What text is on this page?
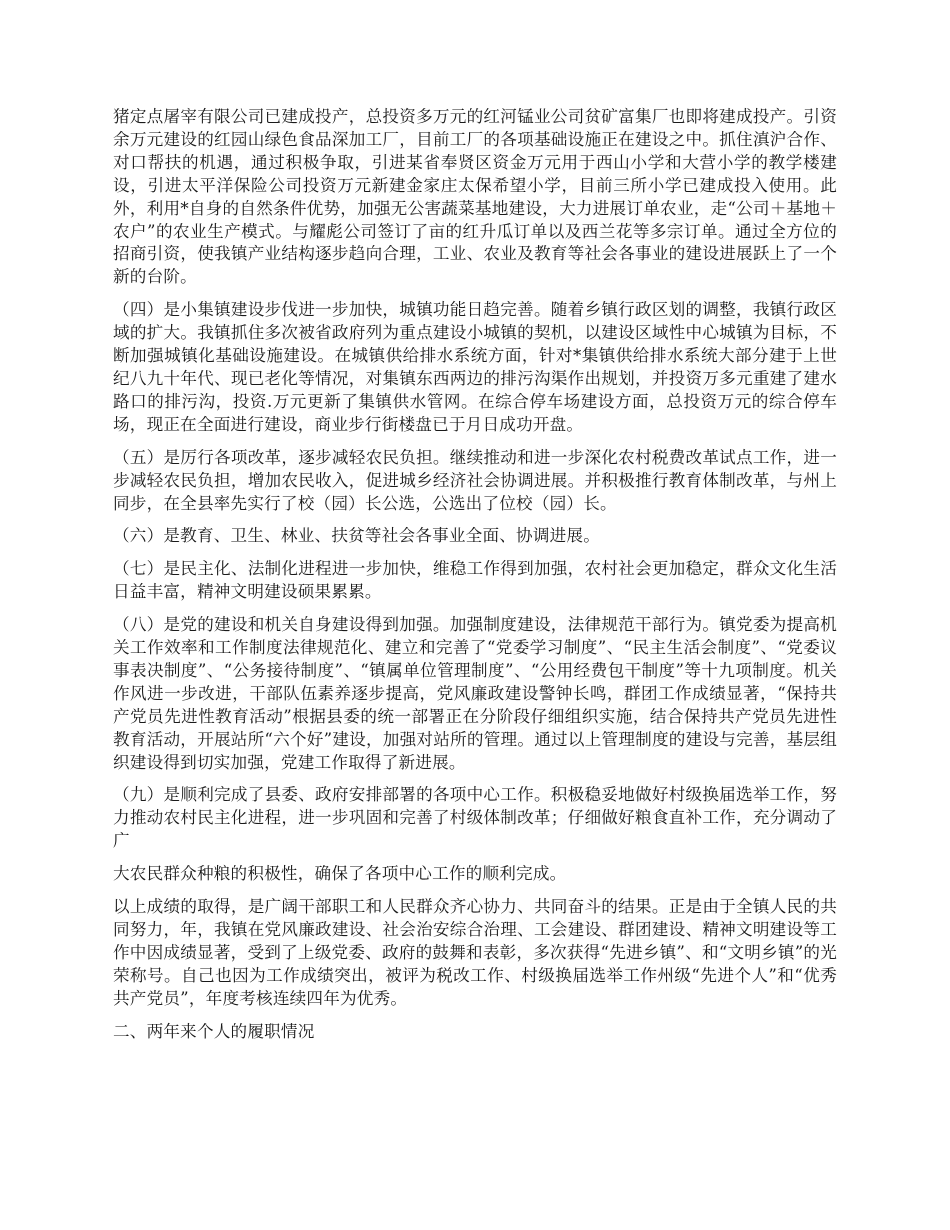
猪定点屠宰有限公司已建成投产，总投资多万元的红河锰业公司贫矿富集厂也即将建成投产。引资余万元建设的红园山绿色食品深加工厂，目前工厂的各项基础设施正在建设之中。抓住滇沪合作、对口帮扶的机遇，通过积极争取，引进某省奉贤区资金万元用于西山小学和大营小学的教学楼建设，引进太平洋保险公司投资万元新建金家庄太保希望小学，目前三所小学已建成投入使用。此外，利用*自身的自然条件优势，加强无公害蔬菜基地建设，大力进展订单农业，走“公司＋基地＋农户”的农业生产模式。与耀彪公司签订了亩的红升瓜订单以及西兰花等多宗订单。通过全方位的招商引资，使我镇产业结构逐步趋向合理，工业、农业及教育等社会各事业的建设进展跃上了一个新的台阶。

（四）是小集镇建设步伐进一步加快，城镇功能日趋完善。随着乡镇行政区划的调整，我镇行政区域的扩大。我镇抓住多次被省政府列为重点建设小城镇的契机，以建设区域性中心城镇为目标，不断加强城镇化基础设施建设。在城镇供给排水系统方面，针对*集镇供给排水系统大部分建于上世纪八九十年代、现已老化等情况，对集镇东西两边的排污沟渠作出规划，并投资万多元重建了建水路口的排污沟，投资.万元更新了集镇供水管网。在综合停车场建设方面，总投资万元的综合停车场，现正在全面进行建设，商业步行街楼盘已于月日成功开盘。

（五）是厉行各项改革，逐步减轻农民负担。继续推动和进一步深化农村税费改革试点工作，进一步减轻农民负担，增加农民收入，促进城乡经济社会协调进展。并积极推行教育体制改革，与州上同步，在全县率先实行了校（园）长公选，公选出了位校（园）长。

（六）是教育、卫生、林业、扶贫等社会各事业全面、协调进展。

（七）是民主化、法制化进程进一步加快，维稳工作得到加强，农村社会更加稳定，群众文化生活日益丰富，精神文明建设硕果累累。

（八）是党的建设和机关自身建设得到加强。加强制度建设，法律规范干部行为。镇党委为提高机关工作效率和工作制度法律规范化、建立和完善了“党委学习制度”、“民主生活会制度”、“党委议事表决制度”、“公务接待制度”、“镇属单位管理制度”、“公用经费包干制度”等十九项制度。机关作风进一步改进，干部队伍素养逐步提高，党风廉政建设警钟长鸣，群团工作成绩显著，“保持共产党员先进性教育活动”根据县委的统一部署正在分阶段仔细组织实施，结合保持共产党员先进性教育活动，开展站所“六个好”建设，加强对站所的管理。通过以上管理制度的建设与完善，基层组织建设得到切实加强，党建工作取得了新进展。

（九）是顺利完成了县委、政府安排部署的各项中心工作。积极稳妥地做好村级换届选举工作，努力推动农村民主化进程，进一步巩固和完善了村级体制改革；仔细做好粮食直补工作，充分调动了广

大农民群众种粮的积极性，确保了各项中心工作的顺利完成。

以上成绩的取得，是广阔干部职工和人民群众齐心协力、共同奋斗的结果。正是由于全镇人民的共同努力，年，我镇在党风廉政建设、社会治安综合治理、工会建设、群团建设、精神文明建设等工作中因成绩显著，受到了上级党委、政府的鼓舞和表彰，多次获得“先进乡镇”、和“文明乡镇”的光荣称号。自己也因为工作成绩突出，被评为税改工作、村级换届选举工作州级“先进个人”和“优秀共产党员”，年度考核连续四年为优秀。

二、两年来个人的履职情况
